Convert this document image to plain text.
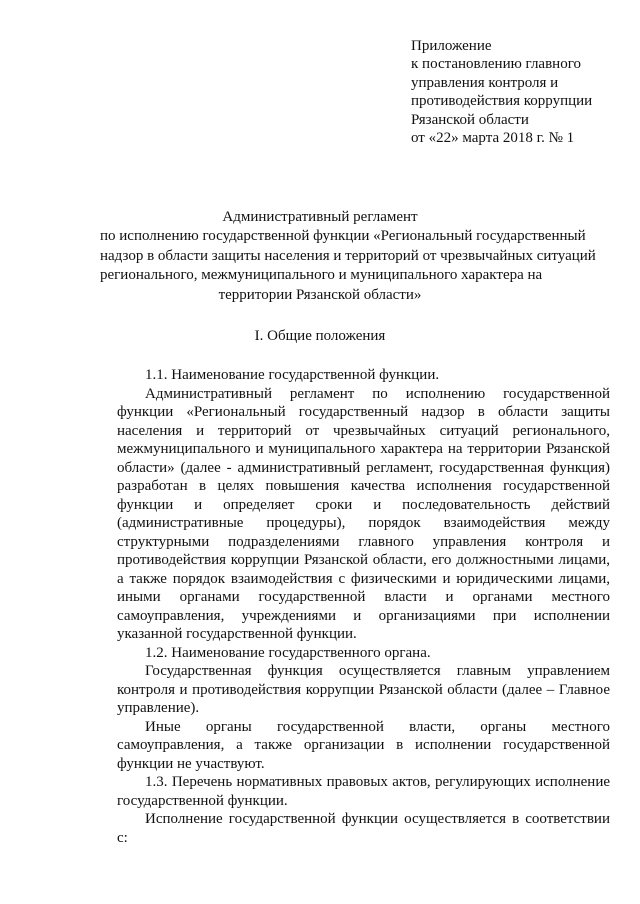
Приложение
к постановлению главного
управления контроля и
противодействия коррупции
Рязанской области
от «22» марта 2018 г. № 1
Административный регламент
по исполнению государственной функции «Региональный государственный
надзор в области защиты населения и территорий от чрезвычайных ситуаций
регионального, межмуниципального и муниципального характера на
территории Рязанской области»
I. Общие положения

1.1. Наименование государственной функции.

Административный регламент по исполнению государственной функции «Региональный государственный надзор в области защиты населения и территорий от чрезвычайных ситуаций регионального, межмуниципального и муниципального характера на территории Рязанской области» (далее - административный регламент, государственная функция) разработан в целях повышения качества исполнения государственной функции и определяет сроки и последовательность действий (административные процедуры), порядок взаимодействия между структурными подразделениями главного управления контроля и противодействия коррупции Рязанской области, его должностными лицами, а также порядок взаимодействия с физическими и юридическими лицами, иными органами государственной власти и органами местного самоуправления, учреждениями и организациями при исполнении указанной государственной функции.

1.2. Наименование государственного органа.

Государственная функция осуществляется главным управлением контроля и противодействия коррупции Рязанской области (далее – Главное управление).

Иные органы государственной власти, органы местного самоуправления, а также организации в исполнении государственной функции не участвуют.

1.3. Перечень нормативных правовых актов, регулирующих исполнение государственной функции.

Исполнение государственной функции осуществляется в соответствии с:
